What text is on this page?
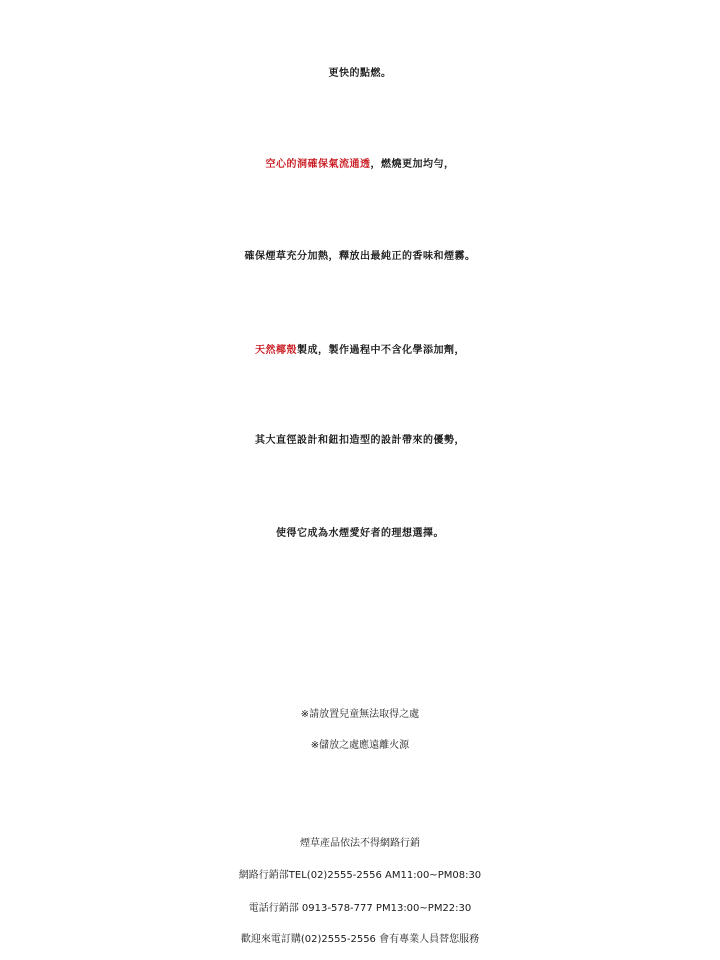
更快的點燃。
空心的洞確保氣流通透，燃燒更加均勻，
確保煙草充分加熱，釋放出最純正的香味和煙霧。
天然椰殼製成，製作過程中不含化學添加劑，
其大直徑設計和鈕扣造型的設計帶來的優勢，
使得它成為水煙愛好者的理想選擇。
※請放置兒童無法取得之處
※儲放之處應遠離火源
煙草產品依法不得網路行銷
網路行銷部TEL(02)2555-2556 AM11:00~PM08:30
電話行銷部 0913-578-777 PM13:00~PM22:30
歡迎來電訂購(02)2555-2556 會有專業人員替您服務
